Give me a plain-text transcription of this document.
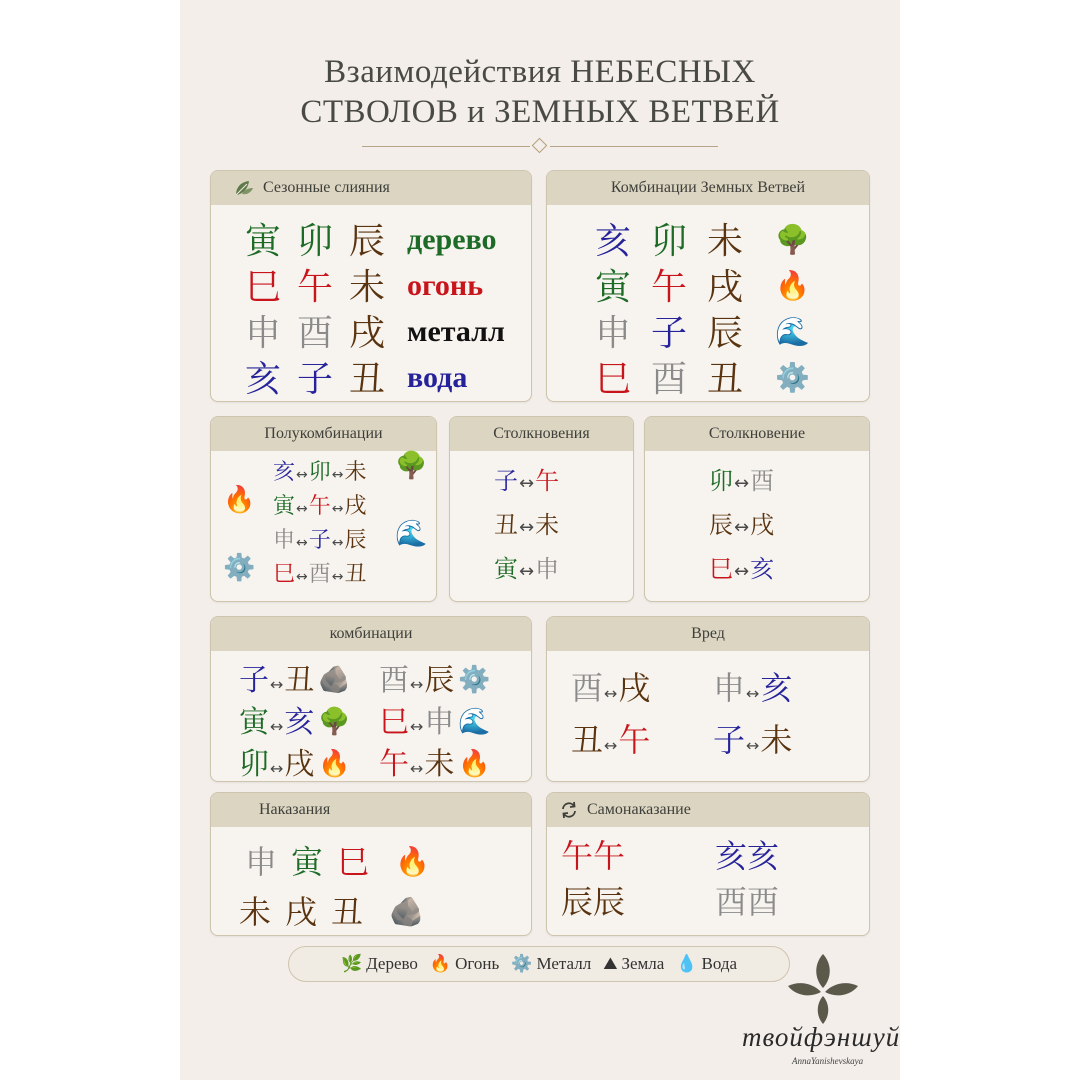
Взаимодействия НЕБЕСНЫХ
СТВОЛОВ и ЗЕМНЫХ ВЕТВЕЙ
Сезонные слияния
寅 卯 辰 дерево
巳 午 未 огонь
申 酉 戌 металл
亥 子 丑 вода
Комбинации Земных Ветвей
亥 卯 未 🌳
寅 午 戌 🔥
申 子 辰 🌊
巳 酉 丑 ⚙️
Полукомбинации
亥↔卯↔未 🌳
寅↔午↔戌
🔥
申↔子↔辰 🌊
巳↔酉↔丑
⚙️
Столкновения
子↔午
丑↔未
寅↔申
Столкновение
卯↔酉
辰↔戌
巳↔亥
комбинации
子↔丑 🪨 酉↔辰 ⚙️
寅↔亥 🌳 巳↔申 🌊
卯↔戌 🔥 午↔未 🔥
Вред
酉↔戌 申↔亥
丑↔午 子↔未
Наказания
申 寅 巳 🔥
未 戌 丑 🪨
Самонаказание
午午	亥亥
辰辰	酉酉
🌿 Дерево 🔥 Огонь ⚙️ Металл ⛰ Земла 💧 Вода
твойфэншуй
AnnaYanishevskaya
